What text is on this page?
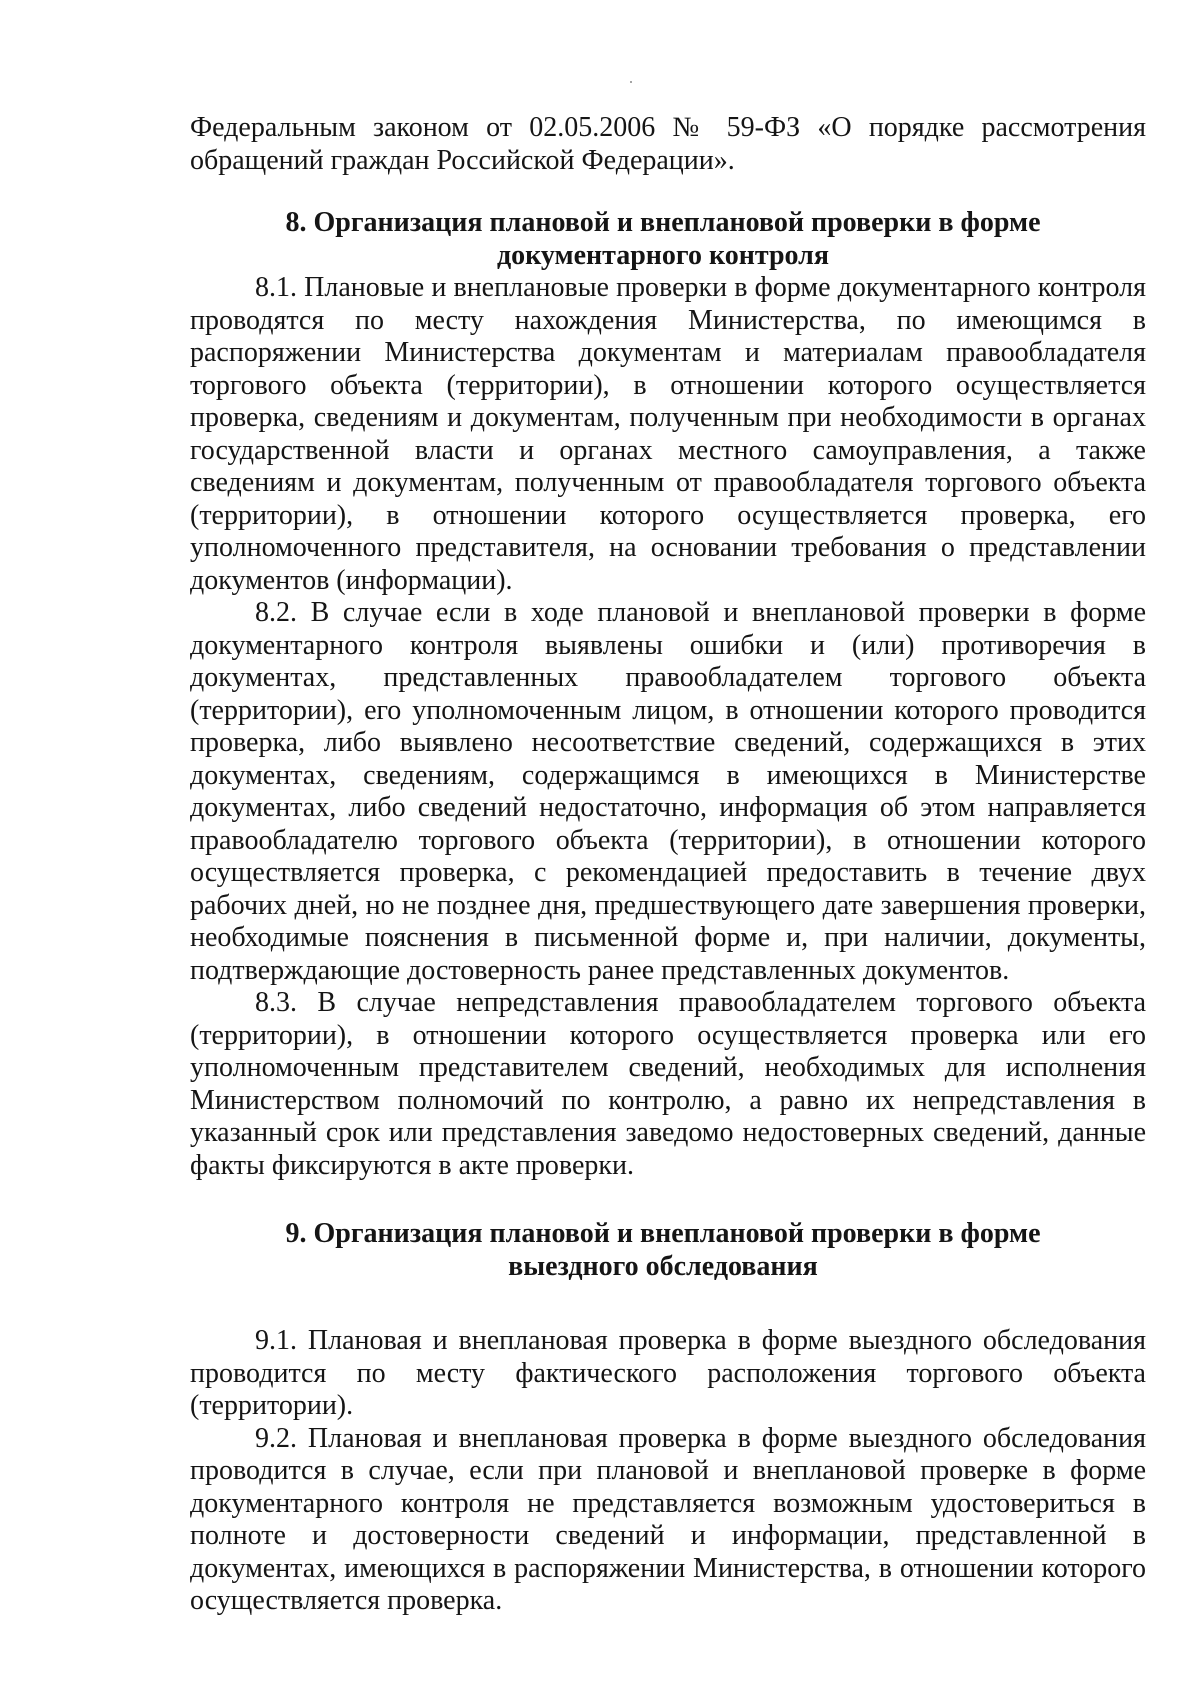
Федеральным законом от 02.05.2006 № 59-ФЗ «О порядке рассмотрения обращений граждан Российской Федерации».

8. Организация плановой и внеплановой проверки в форме документарного контроля

8.1. Плановые и внеплановые проверки в форме документарного контроля проводятся по месту нахождения Министерства, по имеющимся в распоряжении Министерства документам и материалам правообладателя торгового объекта (территории), в отношении которого осуществляется проверка, сведениям и документам, полученным при необходимости в органах государственной власти и органах местного самоуправления, а также сведениям и документам, полученным от правообладателя торгового объекта (территории), в отношении которого осуществляется проверка, его уполномоченного представителя, на основании требования о представлении документов (информации).

8.2. В случае если в ходе плановой и внеплановой проверки в форме документарного контроля выявлены ошибки и (или) противоречия в документах, представленных правообладателем торгового объекта (территории), его уполномоченным лицом, в отношении которого проводится проверка, либо выявлено несоответствие сведений, содержащихся в этих документах, сведениям, содержащимся в имеющихся в Министерстве документах, либо сведений недостаточно, информация об этом направляется правообладателю торгового объекта (территории), в отношении которого осуществляется проверка, с рекомендацией предоставить в течение двух рабочих дней, но не позднее дня, предшествующего дате завершения проверки, необходимые пояснения в письменной форме и, при наличии, документы, подтверждающие достоверность ранее представленных документов.

8.3. В случае непредставления правообладателем торгового объекта (территории), в отношении которого осуществляется проверка или его уполномоченным представителем сведений, необходимых для исполнения Министерством полномочий по контролю, а равно их непредставления в указанный срок или представления заведомо недостоверных сведений, данные факты фиксируются в акте проверки.

9. Организация плановой и внеплановой проверки в форме выездного обследования

9.1. Плановая и внеплановая проверка в форме выездного обследования проводится по месту фактического расположения торгового объекта (территории).

9.2. Плановая и внеплановая проверка в форме выездного обследования проводится в случае, если при плановой и внеплановой проверке в форме документарного контроля не представляется возможным удостовериться в полноте и достоверности сведений и информации, представленной в документах, имеющихся в распоряжении Министерства, в отношении которого осуществляется проверка.
